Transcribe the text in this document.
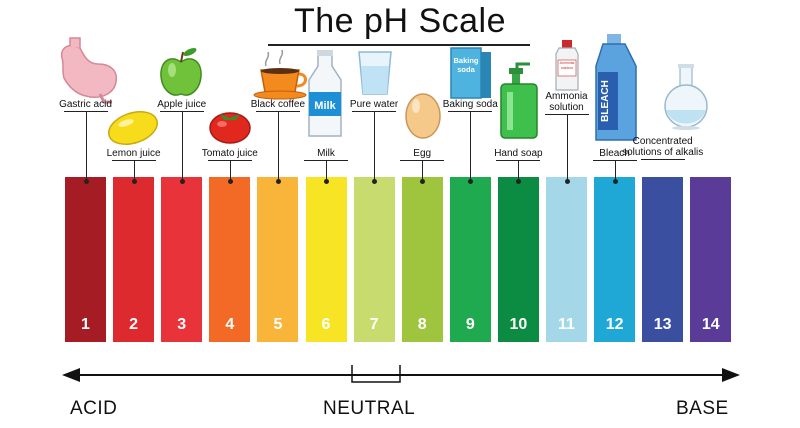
The pH Scale
Milk
Baking soda
Ammonia solution
BLEACH
1	2	3	4	5	6	7	8	9	10	11	12	13	14
Gastric acid
Lemon juice
Apple juice
Tomato juice
Black coffee
Milk
Pure water
Egg
Baking soda
Hand soap
Ammonia solution
Bleach
Concentrated solutions of alkalis
ACID	NEUTRAL	BASE
